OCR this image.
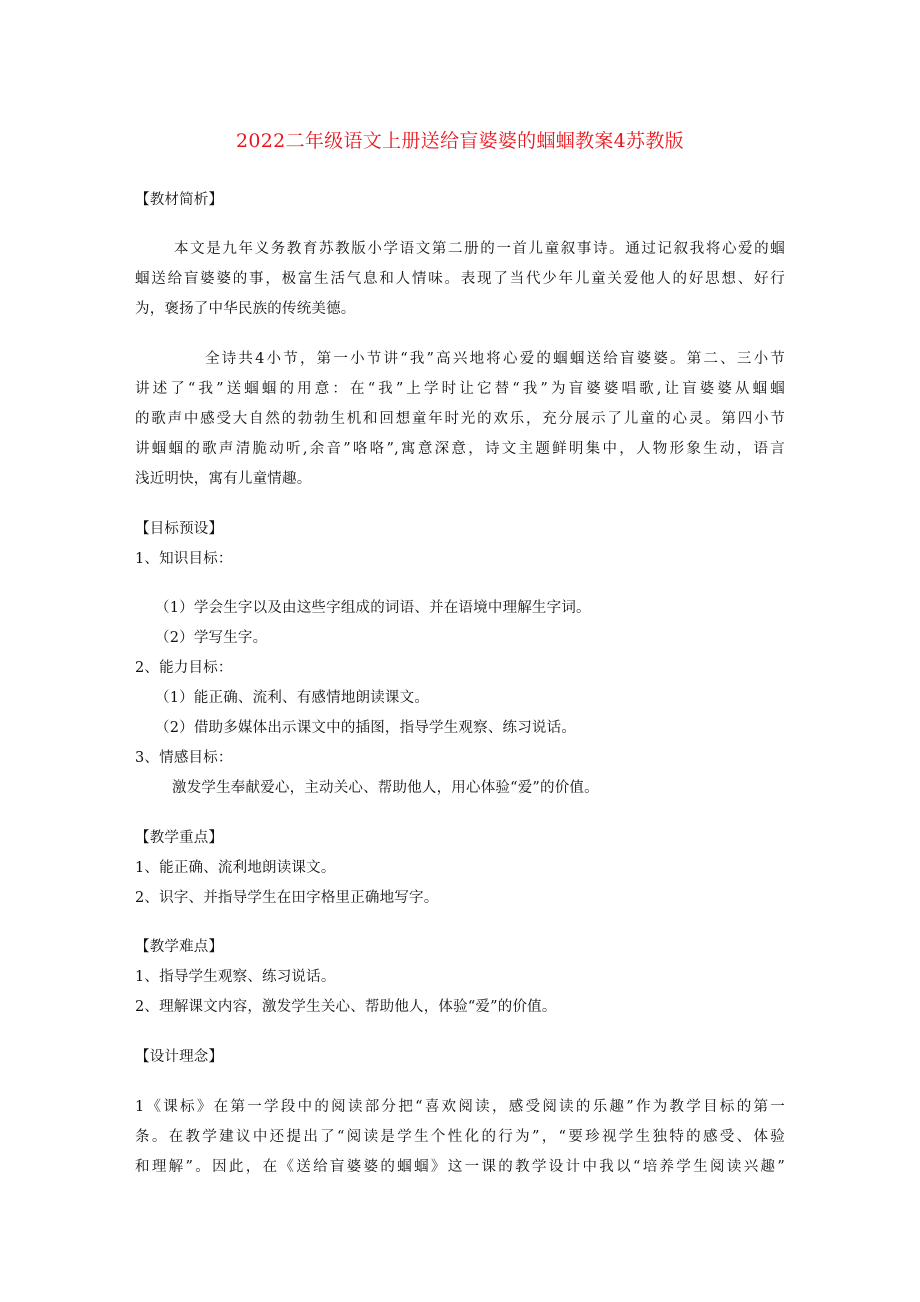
2022二年级语文上册送给盲婆婆的蝈蝈教案4苏教版
【教材简析】
本文是九年义务教育苏教版小学语文第二册的一首儿童叙事诗。通过记叙我将心爱的蝈
蝈送给盲婆婆的事，极富生活气息和人情味。表现了当代少年儿童关爱他人的好思想、好行
为，褒扬了中华民族的传统美德。
全诗共4小节，第一小节讲“我”高兴地将心爱的蝈蝈送给盲婆婆。第二、三小节
讲述了“我”送蝈蝈的用意：在“我”上学时让它替“我”为盲婆婆唱歌,让盲婆婆从蝈蝈
的歌声中感受大自然的勃勃生机和回想童年时光的欢乐，充分展示了儿童的心灵。第四小节
讲蝈蝈的歌声清脆动听,余音”咯咯”,寓意深意，诗文主题鲜明集中，人物形象生动，语言
浅近明快，寓有儿童情趣。
【目标预设】
1、知识目标：
（1）学会生字以及由这些字组成的词语、并在语境中理解生字词。
（2）学写生字。
2、能力目标：
（1）能正确、流利、有感情地朗读课文。
（2）借助多媒体出示课文中的插图，指导学生观察、练习说话。
3、情感目标：
激发学生奉献爱心，主动关心、帮助他人，用心体验“爱”的价值。
【教学重点】
1、能正确、流利地朗读课文。
2、识字、并指导学生在田字格里正确地写字。
【教学难点】
1、指导学生观察、练习说话。
2、理解课文内容，激发学生关心、帮助他人，体验“爱”的价值。
【设计理念】
1《课标》在第一学段中的阅读部分把“喜欢阅读，感受阅读的乐趣”作为教学目标的第一
条。在教学建议中还提出了“阅读是学生个性化的行为”，“要珍视学生独特的感受、体验
和理解”。因此，在《送给盲婆婆的蝈蝈》这一课的教学设计中我以“培养学生阅读兴趣”
